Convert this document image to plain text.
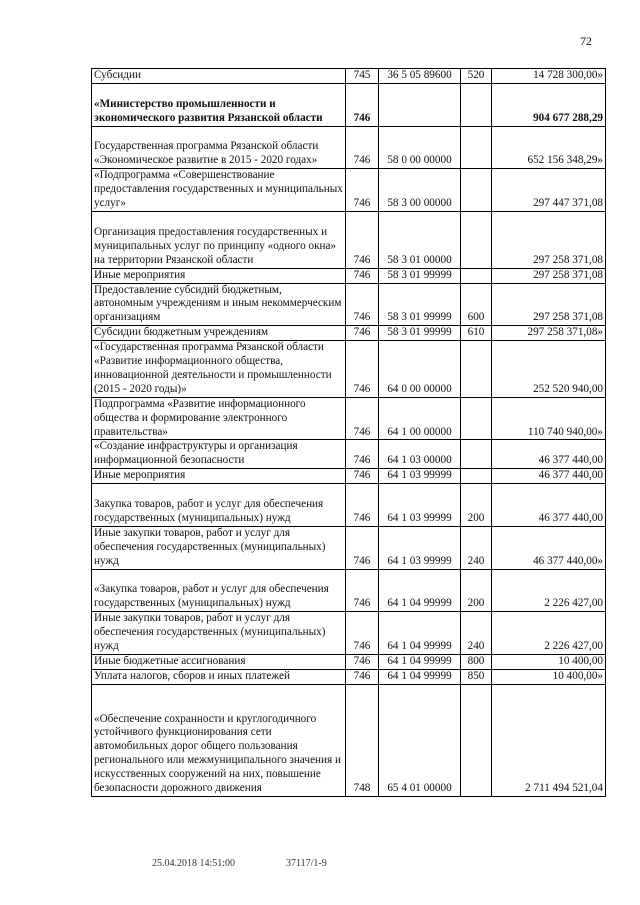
72
Субсидии	745	36 5 05 89600	520	14 728 300,00»
«Министерство промышленности и экономического развития Рязанской области	746			904 677 288,29
Государственная программа Рязанской области «Экономическое развитие в 2015 - 2020 годах»	746	58 0 00 00000		652 156 348,29»
«Подпрограмма «Совершенствование предоставления государственных и муниципальных услуг»	746	58 3 00 00000		297 447 371,08
Организация предоставления государственных и муниципальных услуг по принципу «одного окна» на территории Рязанской области	746	58 3 01 00000		297 258 371,08
Иные мероприятия	746	58 3 01 99999		297 258 371,08
Предоставление субсидий бюджетным, автономным учреждениям и иным некоммерческим организациям	746	58 3 01 99999	600	297 258 371,08
Субсидии бюджетным учреждениям	746	58 3 01 99999	610	297 258 371,08»
«Государственная программа Рязанской области «Развитие информационного общества, инновационной деятельности и промышленности (2015 - 2020 годы)»	746	64 0 00 00000		252 520 940,00
Подпрограмма «Развитие информационного общества и формирование электронного правительства»	746	64 1 00 00000		110 740 940,00»
«Создание инфраструктуры и организация информационной безопасности	746	64 1 03 00000		46 377 440,00
Иные мероприятия	746	64 1 03 99999		46 377 440,00
Закупка товаров, работ и услуг для обеспечения государственных (муниципальных) нужд	746	64 1 03 99999	200	46 377 440,00
Иные закупки товаров, работ и услуг для обеспечения государственных (муниципальных) нужд	746	64 1 03 99999	240	46 377 440,00»
«Закупка товаров, работ и услуг для обеспечения государственных (муниципальных) нужд	746	64 1 04 99999	200	2 226 427,00
Иные закупки товаров, работ и услуг для обеспечения государственных (муниципальных) нужд	746	64 1 04 99999	240	2 226 427,00
Иные бюджетные ассигнования	746	64 1 04 99999	800	10 400,00
Уплата налогов, сборов и иных платежей	746	64 1 04 99999	850	10 400,00»
«Обеспечение сохранности и круглогодичного устойчивого функционирования сети автомобильных дорог общего пользования регионального или межмуниципального значения и искусственных сооружений на них, повышение безопасности дорожного движения	748	65 4 01 00000		2 711 494 521,04
25.04.2018 14:51:00	37117/1-9
